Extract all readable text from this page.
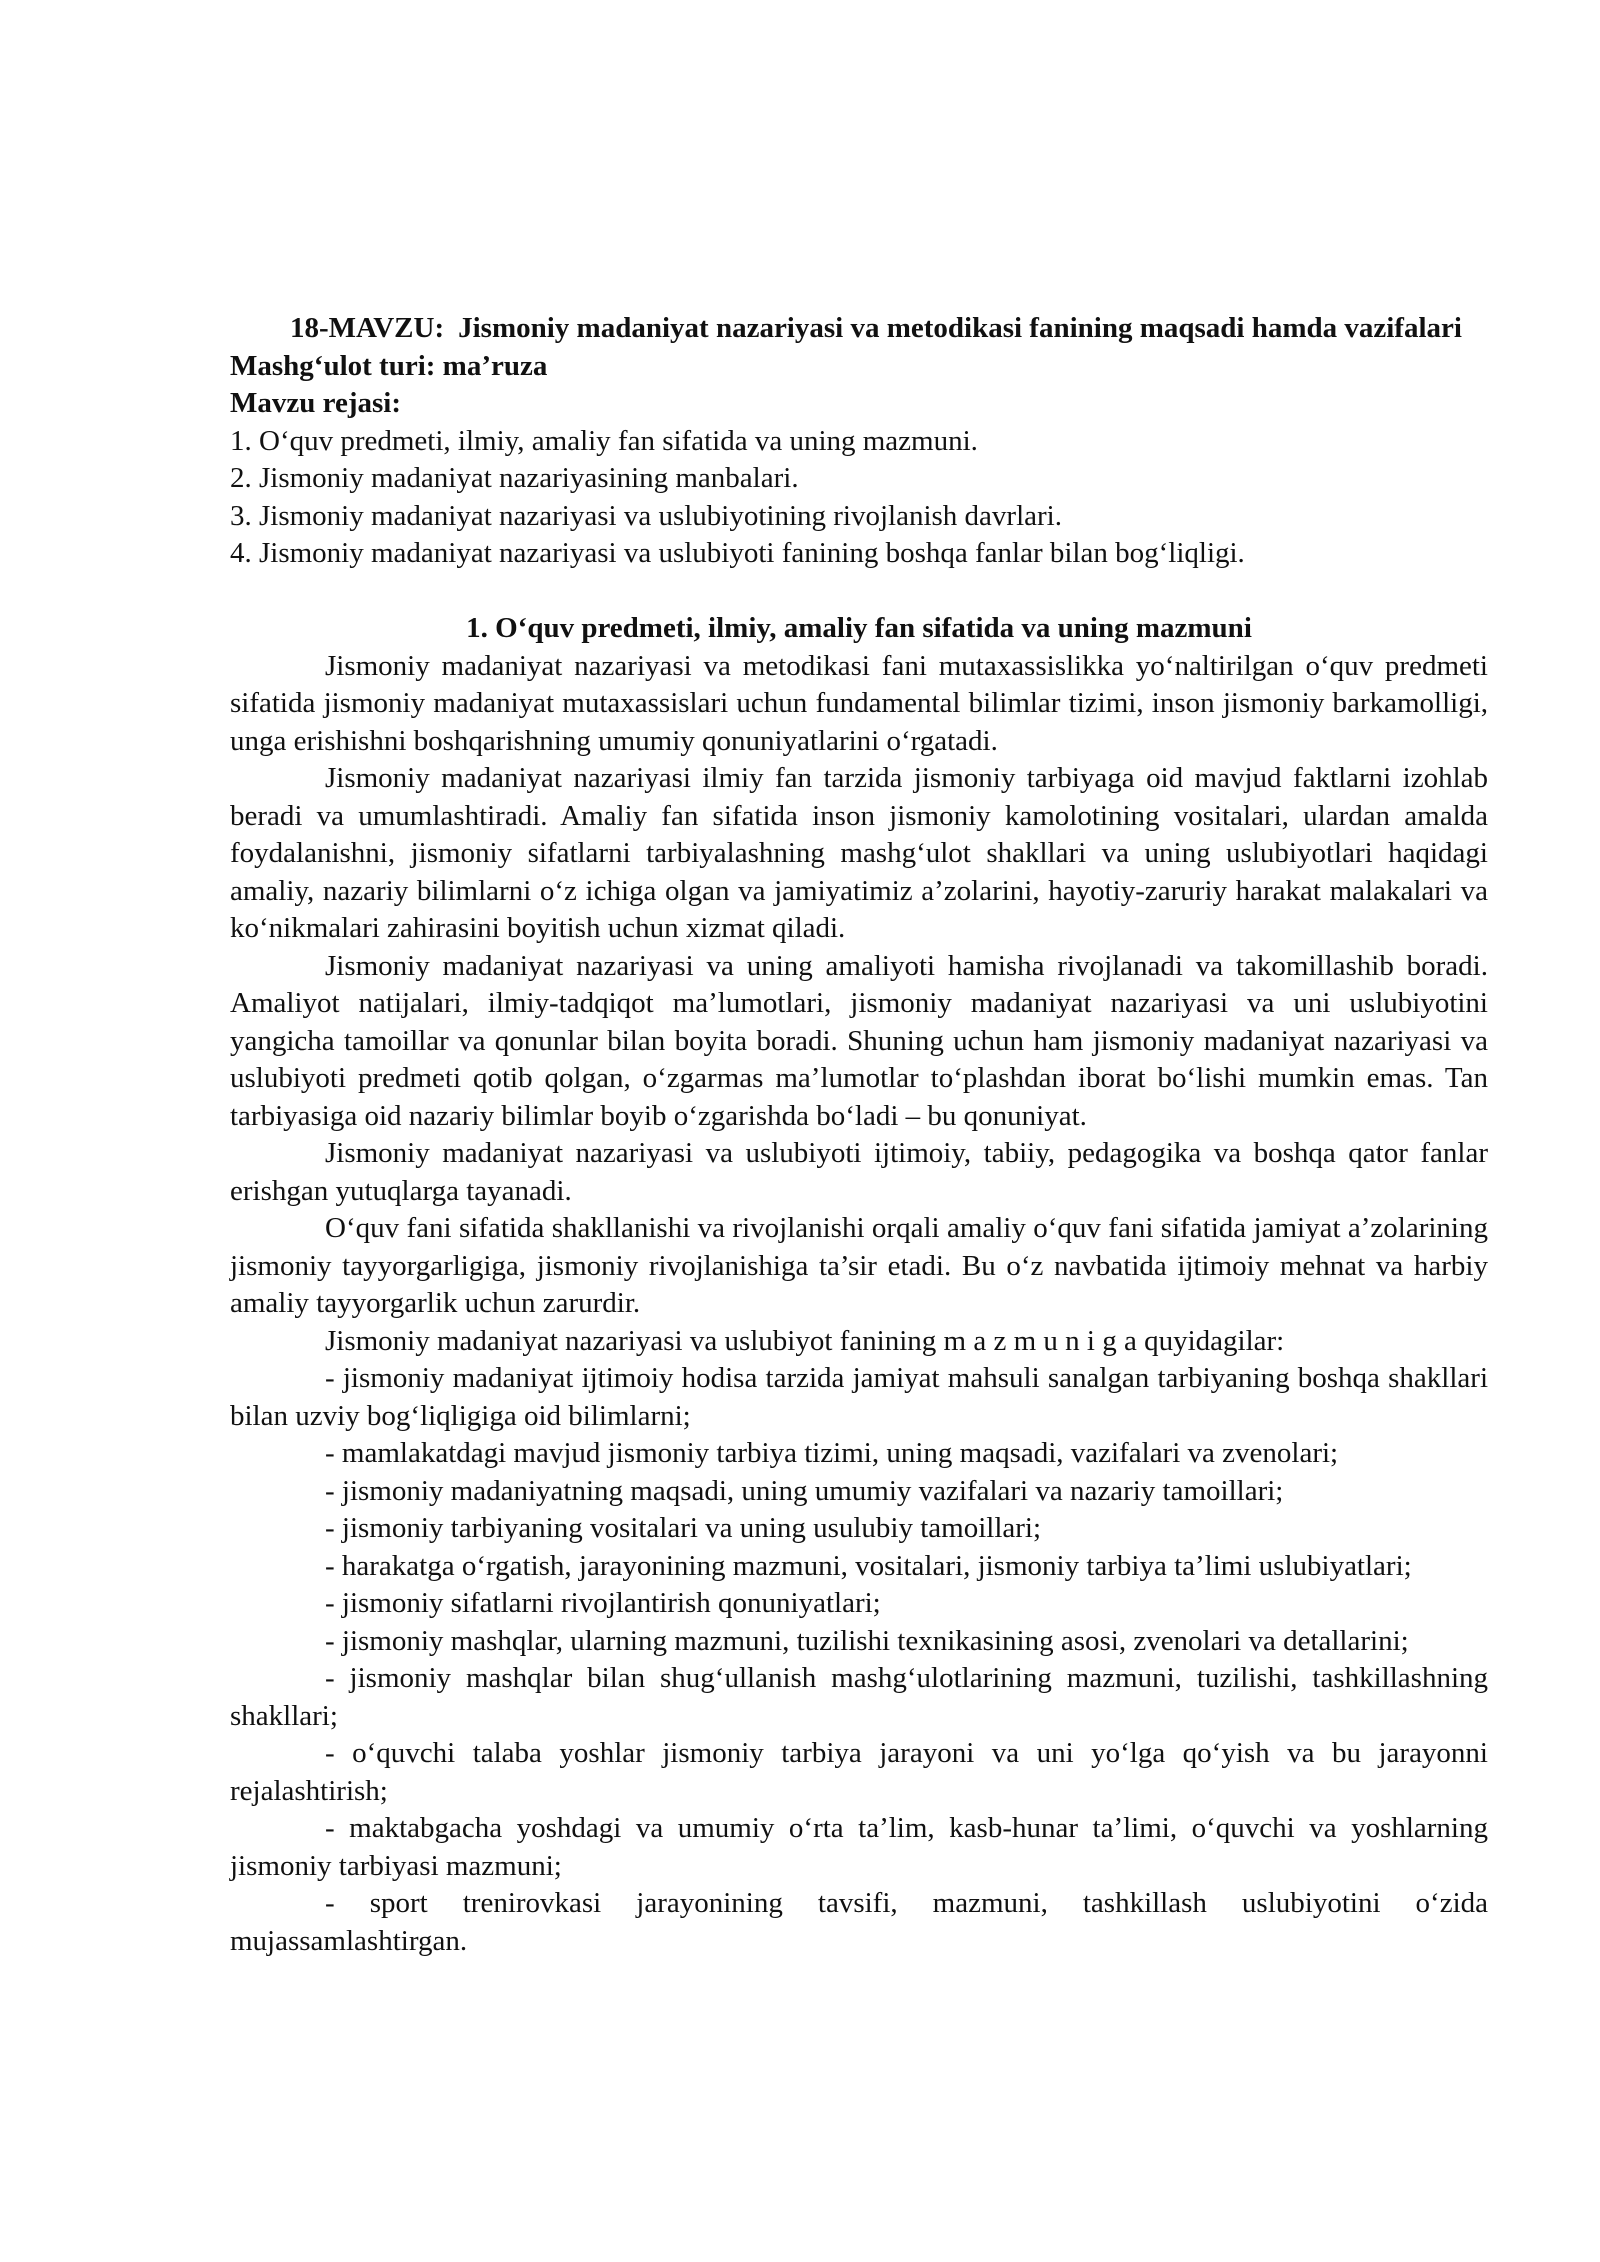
18-MAVZU: Jismoniy madaniyat nazariyasi va metodikasi fanining maqsadi hamda vazifalari

Mashg‘ulot turi: ma’ruza

Mavzu rejasi:

1. O‘quv predmeti, ilmiy, amaliy fan sifatida va uning mazmuni.
2. Jismoniy madaniyat nazariyasining manbalari.
3. Jismoniy madaniyat nazariyasi va uslubiyotining rivojlanish davrlari.
4. Jismoniy madaniyat nazariyasi va uslubiyoti fanining boshqa fanlar bilan bog‘liqligi.

1. O‘quv predmeti, ilmiy, amaliy fan sifatida va uning mazmuni

Jismoniy madaniyat nazariyasi va metodikasi fani mutaxassislikka yo‘naltirilgan o‘quv predmeti sifatida jismoniy madaniyat mutaxassislari uchun fundamental bilimlar tizimi, inson jismoniy barkamolligi, unga erishishni boshqarishning umumiy qonuniyatlarini o‘rgatadi.

Jismoniy madaniyat nazariyasi ilmiy fan tarzida jismoniy tarbiyaga oid mavjud faktlarni izohlab beradi va umumlashtiradi. Amaliy fan sifatida inson jismoniy kamolotining vositalari, ulardan amalda foydalanishni, jismoniy sifatlarni tarbiyalashning mashg‘ulot shakllari va uning uslubiyotlari haqidagi amaliy, nazariy bilimlarni o‘z ichiga olgan va jamiyatimiz a’zolarini, hayotiy-zaruriy harakat malakalari va ko‘nikmalari zahirasini boyitish uchun xizmat qiladi.

Jismoniy madaniyat nazariyasi va uning amaliyoti hamisha rivojlanadi va takomillashib boradi. Amaliyot natijalari, ilmiy-tadqiqot ma’lumotlari, jismoniy madaniyat nazariyasi va uni uslubiyotini yangicha tamoillar va qonunlar bilan boyita boradi. Shuning uchun ham jismoniy madaniyat nazariyasi va uslubiyoti predmeti qotib qolgan, o‘zgarmas ma’lumotlar to‘plashdan iborat bo‘lishi mumkin emas. Tan tarbiyasiga oid nazariy bilimlar boyib o‘zgarishda bo‘ladi – bu qonuniyat.

Jismoniy madaniyat nazariyasi va uslubiyoti ijtimoiy, tabiiy, pedagogika va boshqa qator fanlar erishgan yutuqlarga tayanadi.

O‘quv fani sifatida shakllanishi va rivojlanishi orqali amaliy o‘quv fani sifatida jamiyat a’zolarining jismoniy tayyorgarligiga, jismoniy rivojlanishiga ta’sir etadi. Bu o‘z navbatida ijtimoiy mehnat va harbiy amaliy tayyorgarlik uchun zarurdir.

Jismoniy madaniyat nazariyasi va uslubiyot fanining m a z m u n i g a quyidagilar:

- jismoniy madaniyat ijtimoiy hodisa tarzida jamiyat mahsuli sanalgan tarbiyaning boshqa shakllari bilan uzviy bog‘liqligiga oid bilimlarni;
- mamlakatdagi mavjud jismoniy tarbiya tizimi, uning maqsadi, vazifalari va zvenolari;
- jismoniy madaniyatning maqsadi, uning umumiy vazifalari va nazariy tamoillari;
- jismoniy tarbiyaning vositalari va uning usulubiy tamoillari;
- harakatga o‘rgatish, jarayonining mazmuni, vositalari, jismoniy tarbiya ta’limi uslubiyatlari;
- jismoniy sifatlarni rivojlantirish qonuniyatlari;
- jismoniy mashqlar, ularning mazmuni, tuzilishi texnikasining asosi, zvenolari va detallarini;
- jismoniy mashqlar bilan shug‘ullanish mashg‘ulotlarining mazmuni, tuzilishi, tashkillashning shakllari;
- o‘quvchi talaba yoshlar jismoniy tarbiya jarayoni va uni yo‘lga qo‘yish va bu jarayonni rejalashtirish;
- maktabgacha yoshdagi va umumiy o‘rta ta’lim, kasb-hunar ta’limi, o‘quvchi va yoshlarning jismoniy tarbiyasi mazmuni;
- sport trenirovkasi jarayonining tavsifi, mazmuni, tashkillash uslubiyotini o‘zida mujassamlashtirgan.
